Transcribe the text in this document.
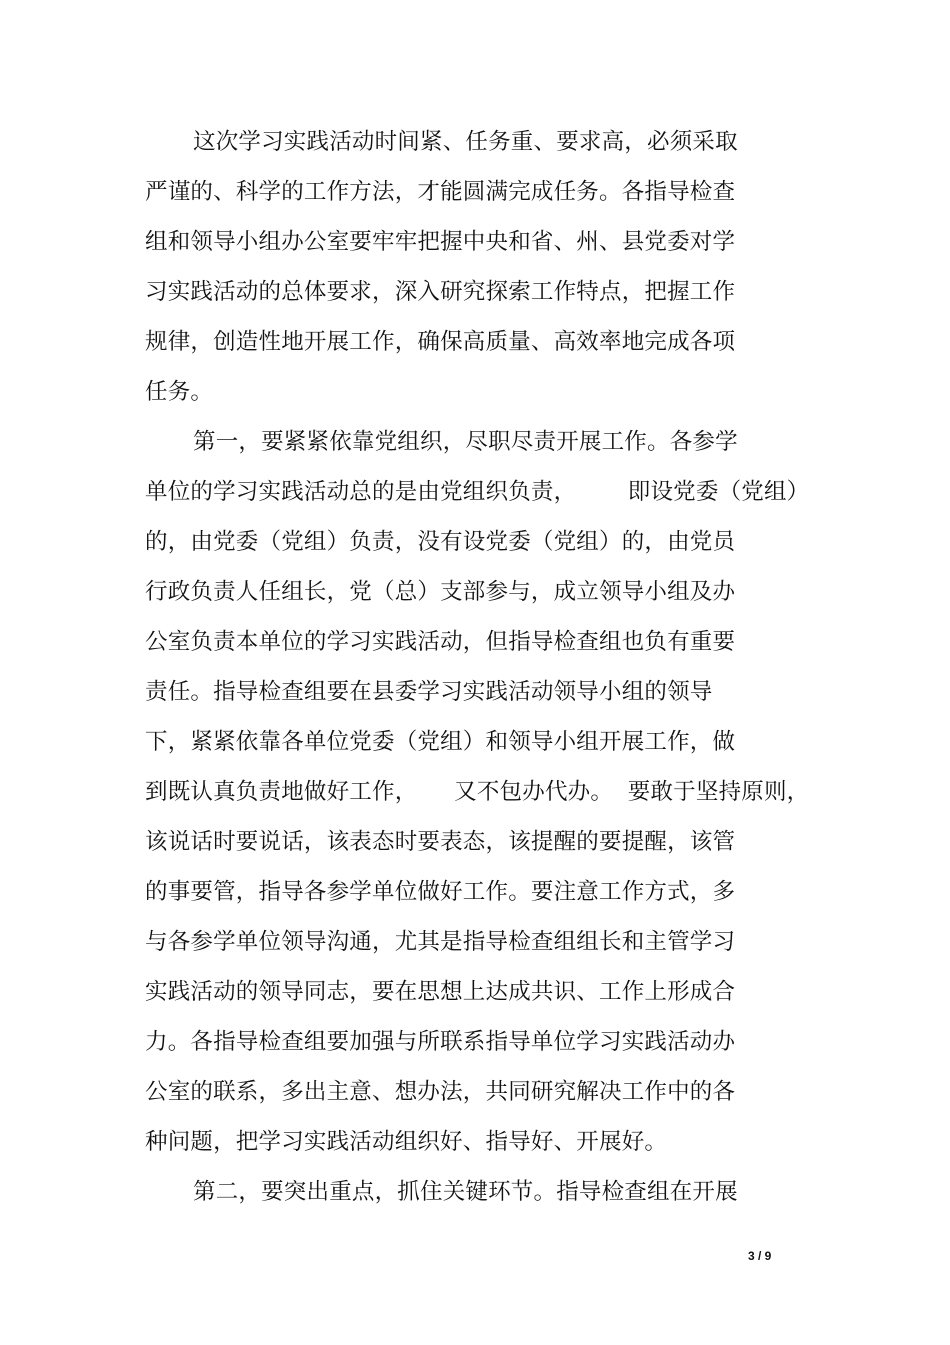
这次学习实践活动时间紧、任务重、要求高，必须采取
严谨的、科学的工作方法，才能圆满完成任务。各指导检查
组和领导小组办公室要牢牢把握中央和省、州、县党委对学
习实践活动的总体要求，深入研究探索工作特点，把握工作
规律，创造性地开展工作，确保高质量、高效率地完成各项
任务。
第一，要紧紧依靠党组织，尽职尽责开展工作。各参学
单位的学习实践活动总的是由党组织负责，       即设党委（党组）
的，由党委（党组）负责，没有设党委（党组）的，由党员
行政负责人任组长，党（总）支部参与，成立领导小组及办
公室负责本单位的学习实践活动，但指导检查组也负有重要
责任。指导检查组要在县委学习实践活动领导小组的领导
下，紧紧依靠各单位党委（党组）和领导小组开展工作，做
到既认真负责地做好工作，     又不包办代办。  要敢于坚持原则，
该说话时要说话，该表态时要表态，该提醒的要提醒，该管
的事要管，指导各参学单位做好工作。要注意工作方式，多
与各参学单位领导沟通，尤其是指导检查组组长和主管学习
实践活动的领导同志，要在思想上达成共识、工作上形成合
力。各指导检查组要加强与所联系指导单位学习实践活动办
公室的联系，多出主意、想办法，共同研究解决工作中的各
种问题，把学习实践活动组织好、指导好、开展好。
第二，要突出重点，抓住关键环节。指导检查组在开展
3 / 9
